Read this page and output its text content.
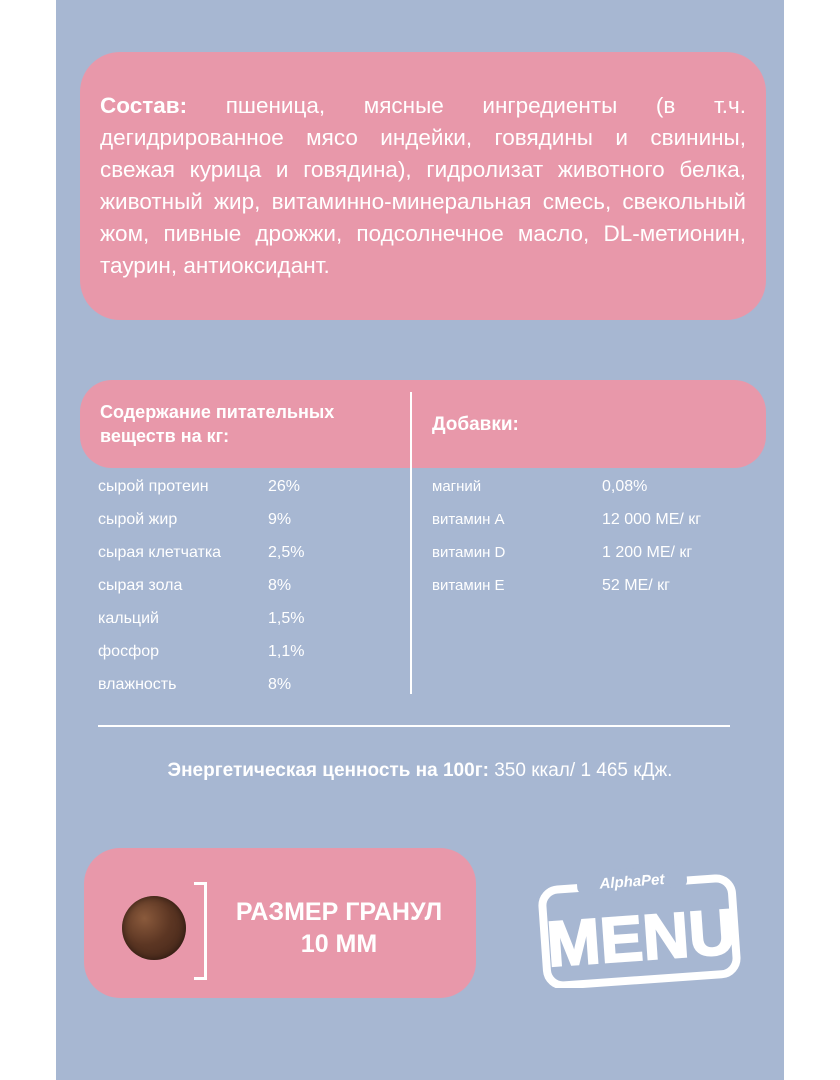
Состав: пшеница, мясные ингредиенты (в т.ч. дегидрированное мясо индейки, говядины и свинины, свежая курица и говядина), гидролизат животного белка, животный жир, витаминно-минеральная смесь, свекольный жом, пивные дрожжи, подсолнечное масло, DL-метионин, таурин, антиоксидант.

Содержание питательных веществ на кг:
Добавки:
сырой протеин	26%
сырой жир	9%
сырая клетчатка	2,5%
сырая зола	8%
кальций	1,5%
фосфор	1,1%
влажность	8%
магний	0,08%
витамин А	12 000 МЕ/ кг
витамин D	1 200 МЕ/ кг
витамин Е	52 МЕ/ кг
Энергетическая ценность на 100г: 350 ккал/ 1 465 кДж.
РАЗМЕР ГРАНУЛ
10 ММ
AlphaPet
MENU
